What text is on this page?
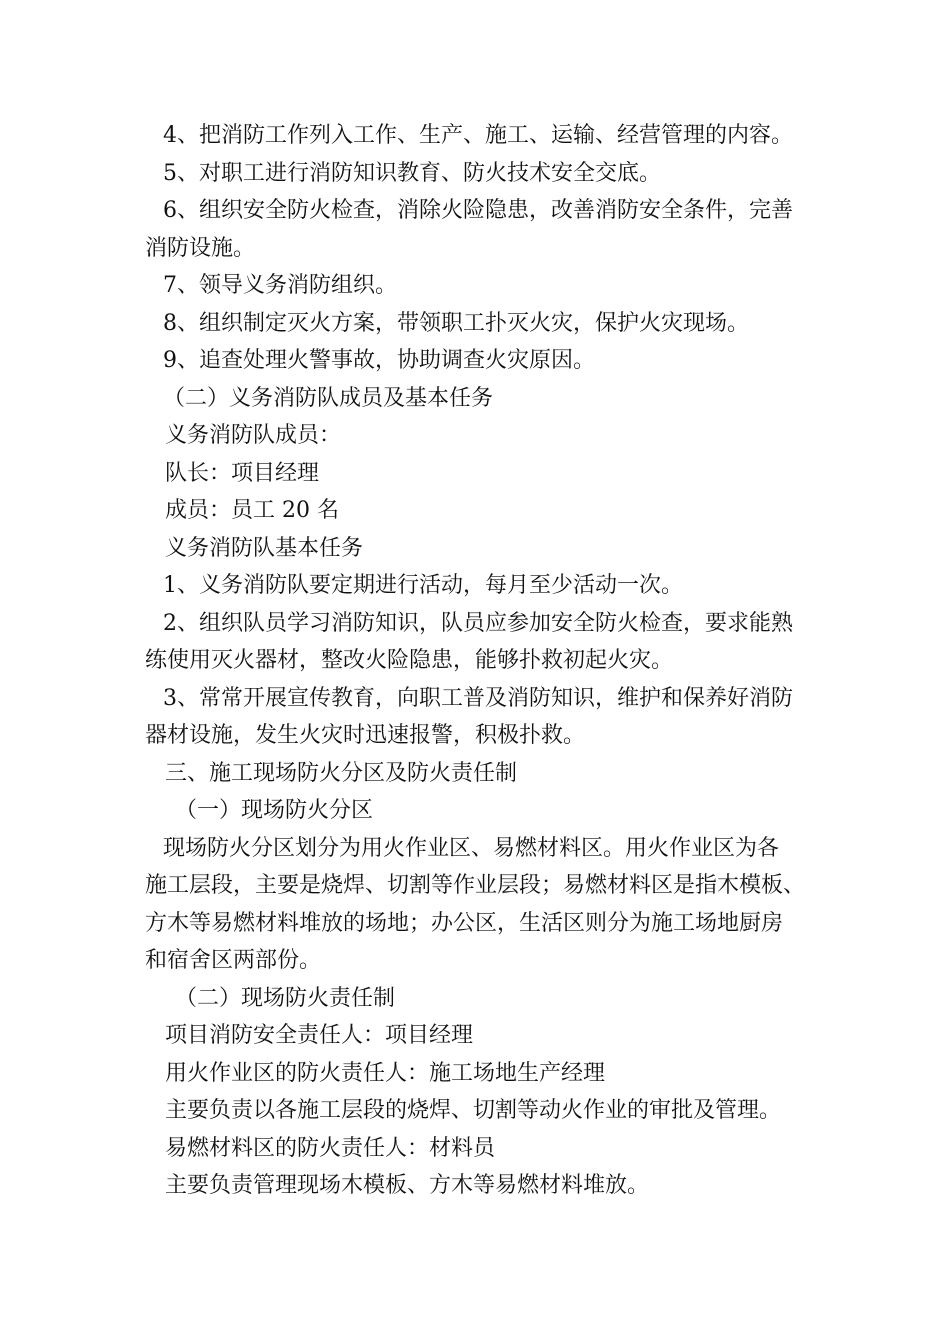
4、把消防工作列入工作、生产、施工、运输、经营管理的内容。

5、对职工进行消防知识教育、防火技术安全交底。

6、组织安全防火检查，消除火险隐患，改善消防安全条件，完善

消防设施。

7、领导义务消防组织。

8、组织制定灭火方案，带领职工扑灭火灾，保护火灾现场。

9、追查处理火警事故，协助调查火灾原因。

（二）义务消防队成员及基本任务

义务消防队成员：

队长：项目经理

成员：员工 20 名

义务消防队基本任务

1、义务消防队要定期进行活动，每月至少活动一次。

2、组织队员学习消防知识，队员应参加安全防火检查，要求能熟

练使用灭火器材，整改火险隐患，能够扑救初起火灾。

3、常常开展宣传教育，向职工普及消防知识，维护和保养好消防

器材设施，发生火灾时迅速报警，积极扑救。

三、施工现场防火分区及防火责任制

（一）现场防火分区

现场防火分区划分为用火作业区、易燃材料区。用火作业区为各

施工层段，主要是烧焊、切割等作业层段；易燃材料区是指木模板、

方木等易燃材料堆放的场地；办公区，生活区则分为施工场地厨房

和宿舍区两部份。

（二）现场防火责任制

项目消防安全责任人：项目经理

用火作业区的防火责任人：施工场地生产经理

主要负责以各施工层段的烧焊、切割等动火作业的审批及管理。

易燃材料区的防火责任人：材料员

主要负责管理现场木模板、方木等易燃材料堆放。
